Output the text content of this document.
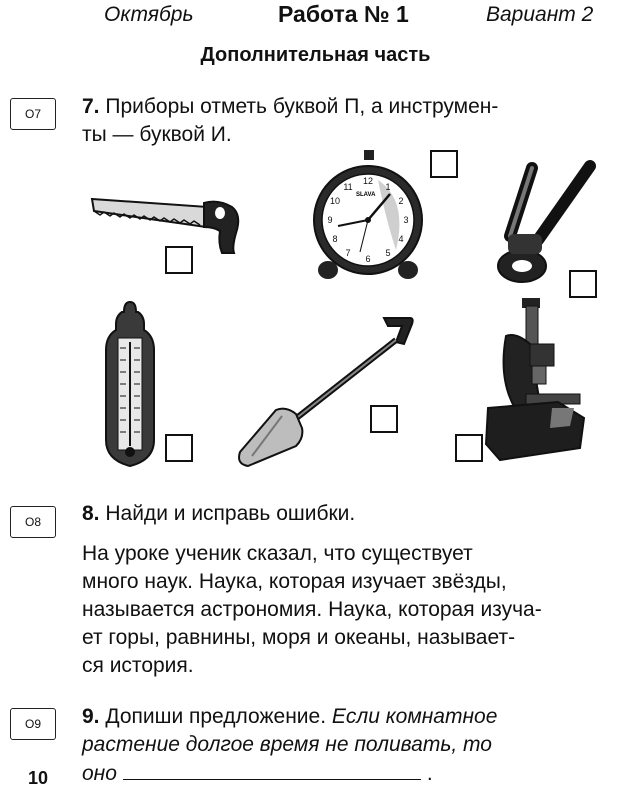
Октябрь	Работа № 1	Вариант 2
Дополнительная часть
О7	7. Приборы отметь буквой П, а инструмен-
ты — буквой И.
SLAVA
12
1
2
3
4
5
6
7
8
9
10
11
О8	8. Найди и исправь ошибки.
На уроке ученик сказал, что существует
много наук. Наука, которая изучает звёзды,
называется астрономия. Наука, которая изуча-
ет горы, равнины, моря и океаны, называет-
ся история.
О9	9. Допиши предложение. Если комнатное
растение долгое время не поливать, то
оно	.
10
